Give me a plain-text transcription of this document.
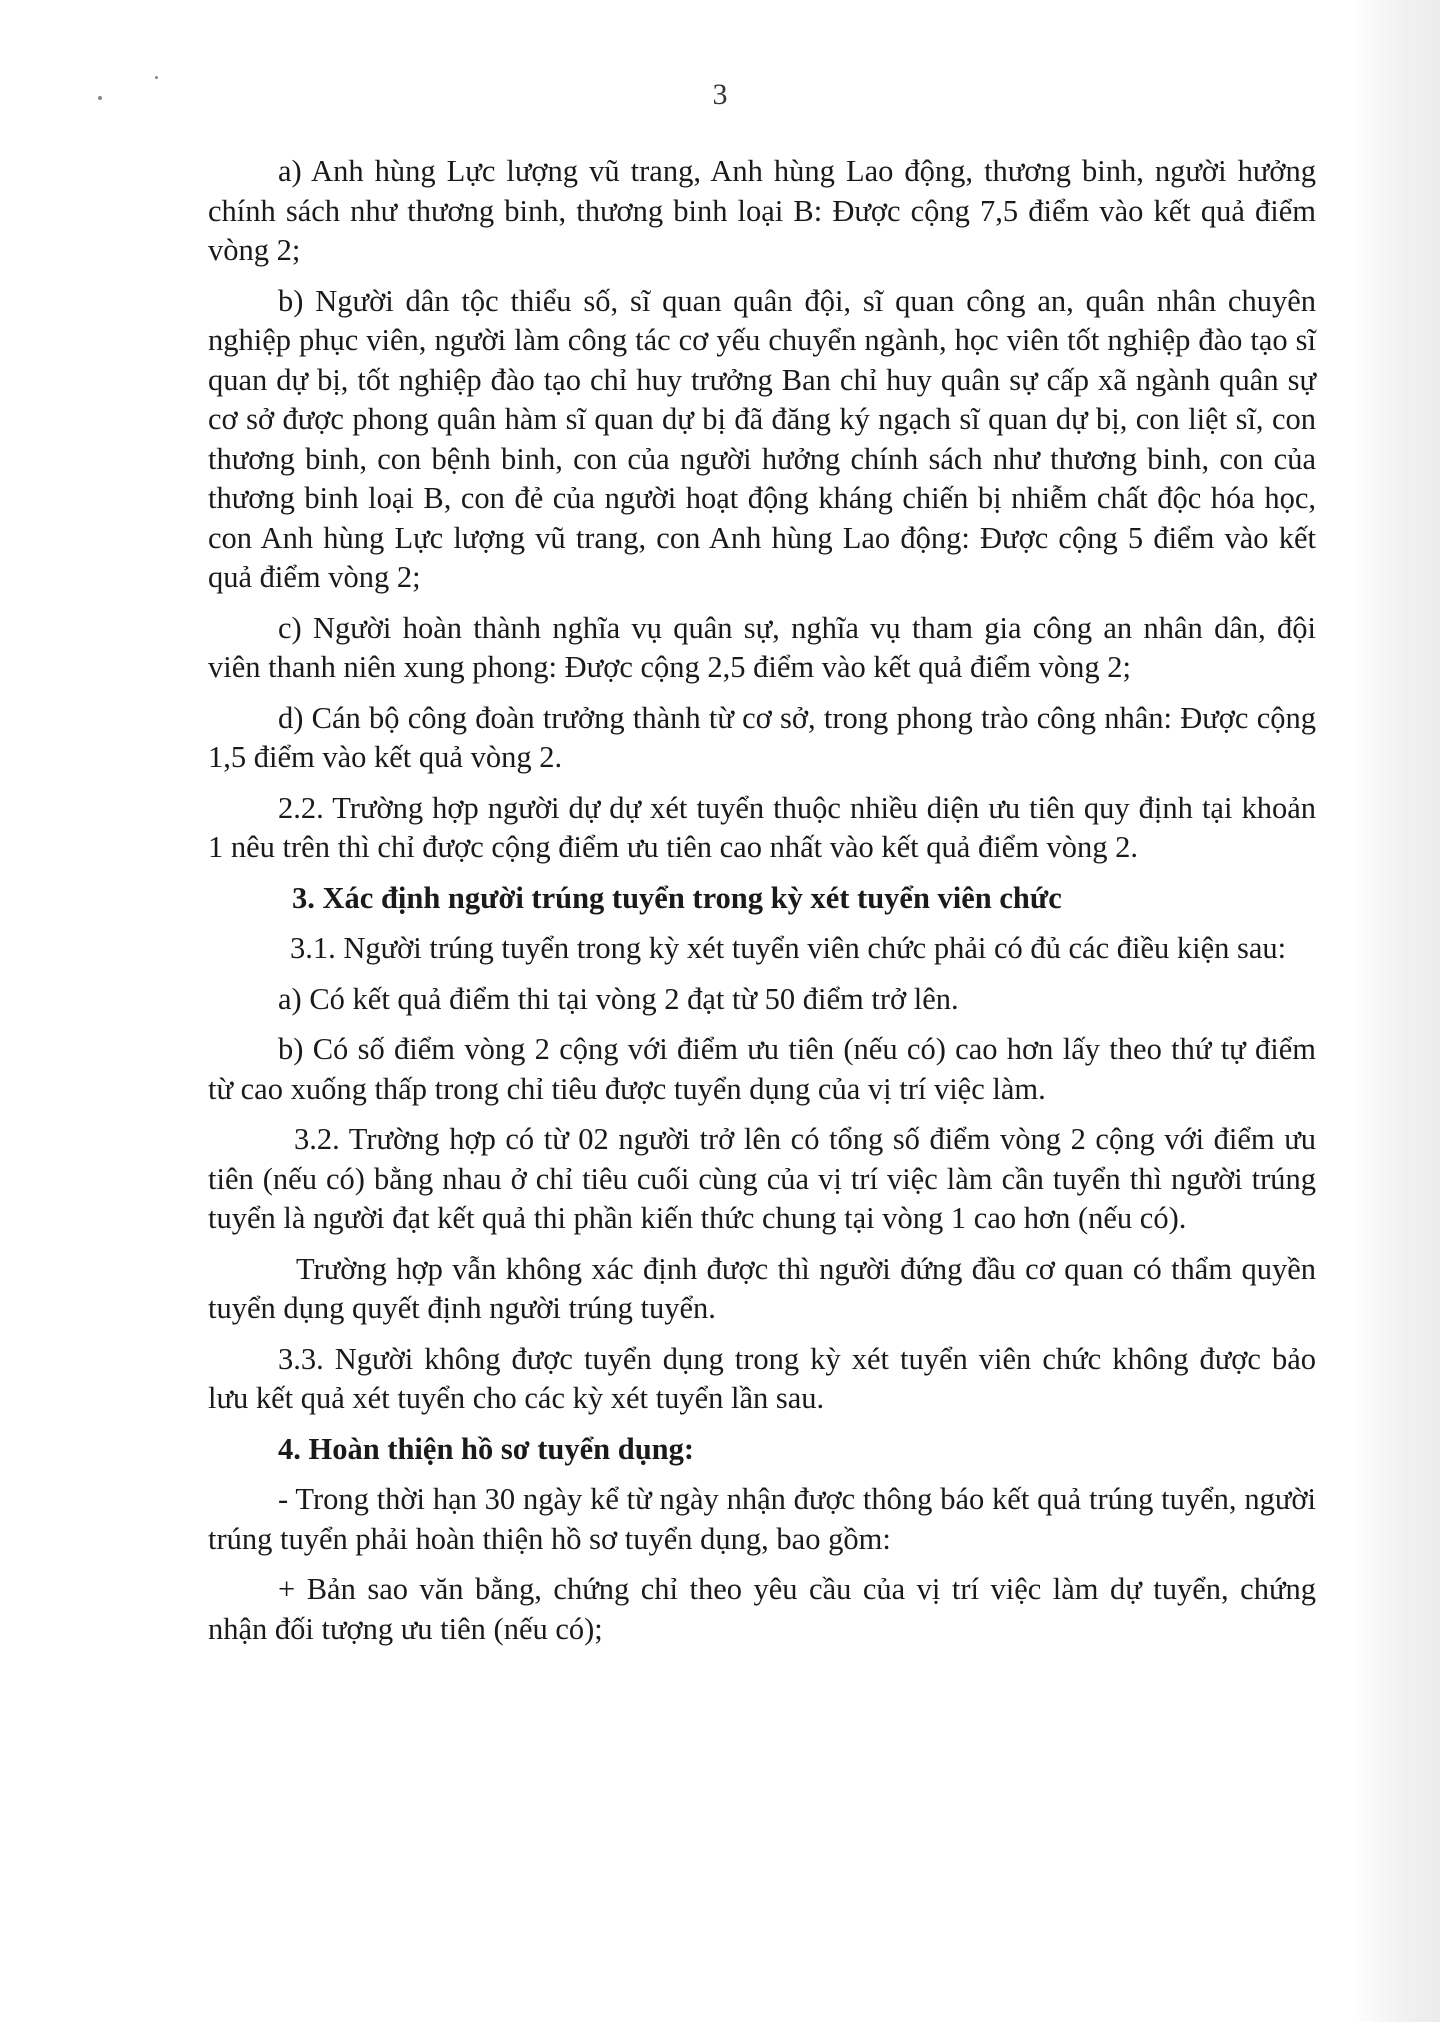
3

a) Anh hùng Lực lượng vũ trang, Anh hùng Lao động, thương binh, người hưởng chính sách như thương binh, thương binh loại B: Được cộng 7,5 điểm vào kết quả điểm vòng 2;

b) Người dân tộc thiểu số, sĩ quan quân đội, sĩ quan công an, quân nhân chuyên nghiệp phục viên, người làm công tác cơ yếu chuyển ngành, học viên tốt nghiệp đào tạo sĩ quan dự bị, tốt nghiệp đào tạo chỉ huy trưởng Ban chỉ huy quân sự cấp xã ngành quân sự cơ sở được phong quân hàm sĩ quan dự bị đã đăng ký ngạch sĩ quan dự bị, con liệt sĩ, con thương binh, con bệnh binh, con của người hưởng chính sách như thương binh, con của thương binh loại B, con đẻ của người hoạt động kháng chiến bị nhiễm chất độc hóa học, con Anh hùng Lực lượng vũ trang, con Anh hùng Lao động: Được cộng 5 điểm vào kết quả điểm vòng 2;

c) Người hoàn thành nghĩa vụ quân sự, nghĩa vụ tham gia công an nhân dân, đội viên thanh niên xung phong: Được cộng 2,5 điểm vào kết quả điểm vòng 2;

d) Cán bộ công đoàn trưởng thành từ cơ sở, trong phong trào công nhân: Được cộng 1,5 điểm vào kết quả vòng 2.

2.2. Trường hợp người dự dự xét tuyển thuộc nhiều diện ưu tiên quy định tại khoản 1 nêu trên thì chỉ được cộng điểm ưu tiên cao nhất vào kết quả điểm vòng 2.

3. Xác định người trúng tuyển trong kỳ xét tuyển viên chức

3.1. Người trúng tuyển trong kỳ xét tuyển viên chức phải có đủ các điều kiện sau:

a) Có kết quả điểm thi tại vòng 2 đạt từ 50 điểm trở lên.

b) Có số điểm vòng 2 cộng với điểm ưu tiên (nếu có) cao hơn lấy theo thứ tự điểm từ cao xuống thấp trong chỉ tiêu được tuyển dụng của vị trí việc làm.

3.2. Trường hợp có từ 02 người trở lên có tổng số điểm vòng 2 cộng với điểm ưu tiên (nếu có) bằng nhau ở chỉ tiêu cuối cùng của vị trí việc làm cần tuyển thì người trúng tuyển là người đạt kết quả thi phần kiến thức chung tại vòng 1 cao hơn (nếu có).

Trường hợp vẫn không xác định được thì người đứng đầu cơ quan có thẩm quyền tuyển dụng quyết định người trúng tuyển.

3.3. Người không được tuyển dụng trong kỳ xét tuyển viên chức không được bảo lưu kết quả xét tuyển cho các kỳ xét tuyển lần sau.

4. Hoàn thiện hồ sơ tuyển dụng:

- Trong thời hạn 30 ngày kể từ ngày nhận được thông báo kết quả trúng tuyển, người trúng tuyển phải hoàn thiện hồ sơ tuyển dụng, bao gồm:

+ Bản sao văn bằng, chứng chỉ theo yêu cầu của vị trí việc làm dự tuyển, chứng nhận đối tượng ưu tiên (nếu có);
